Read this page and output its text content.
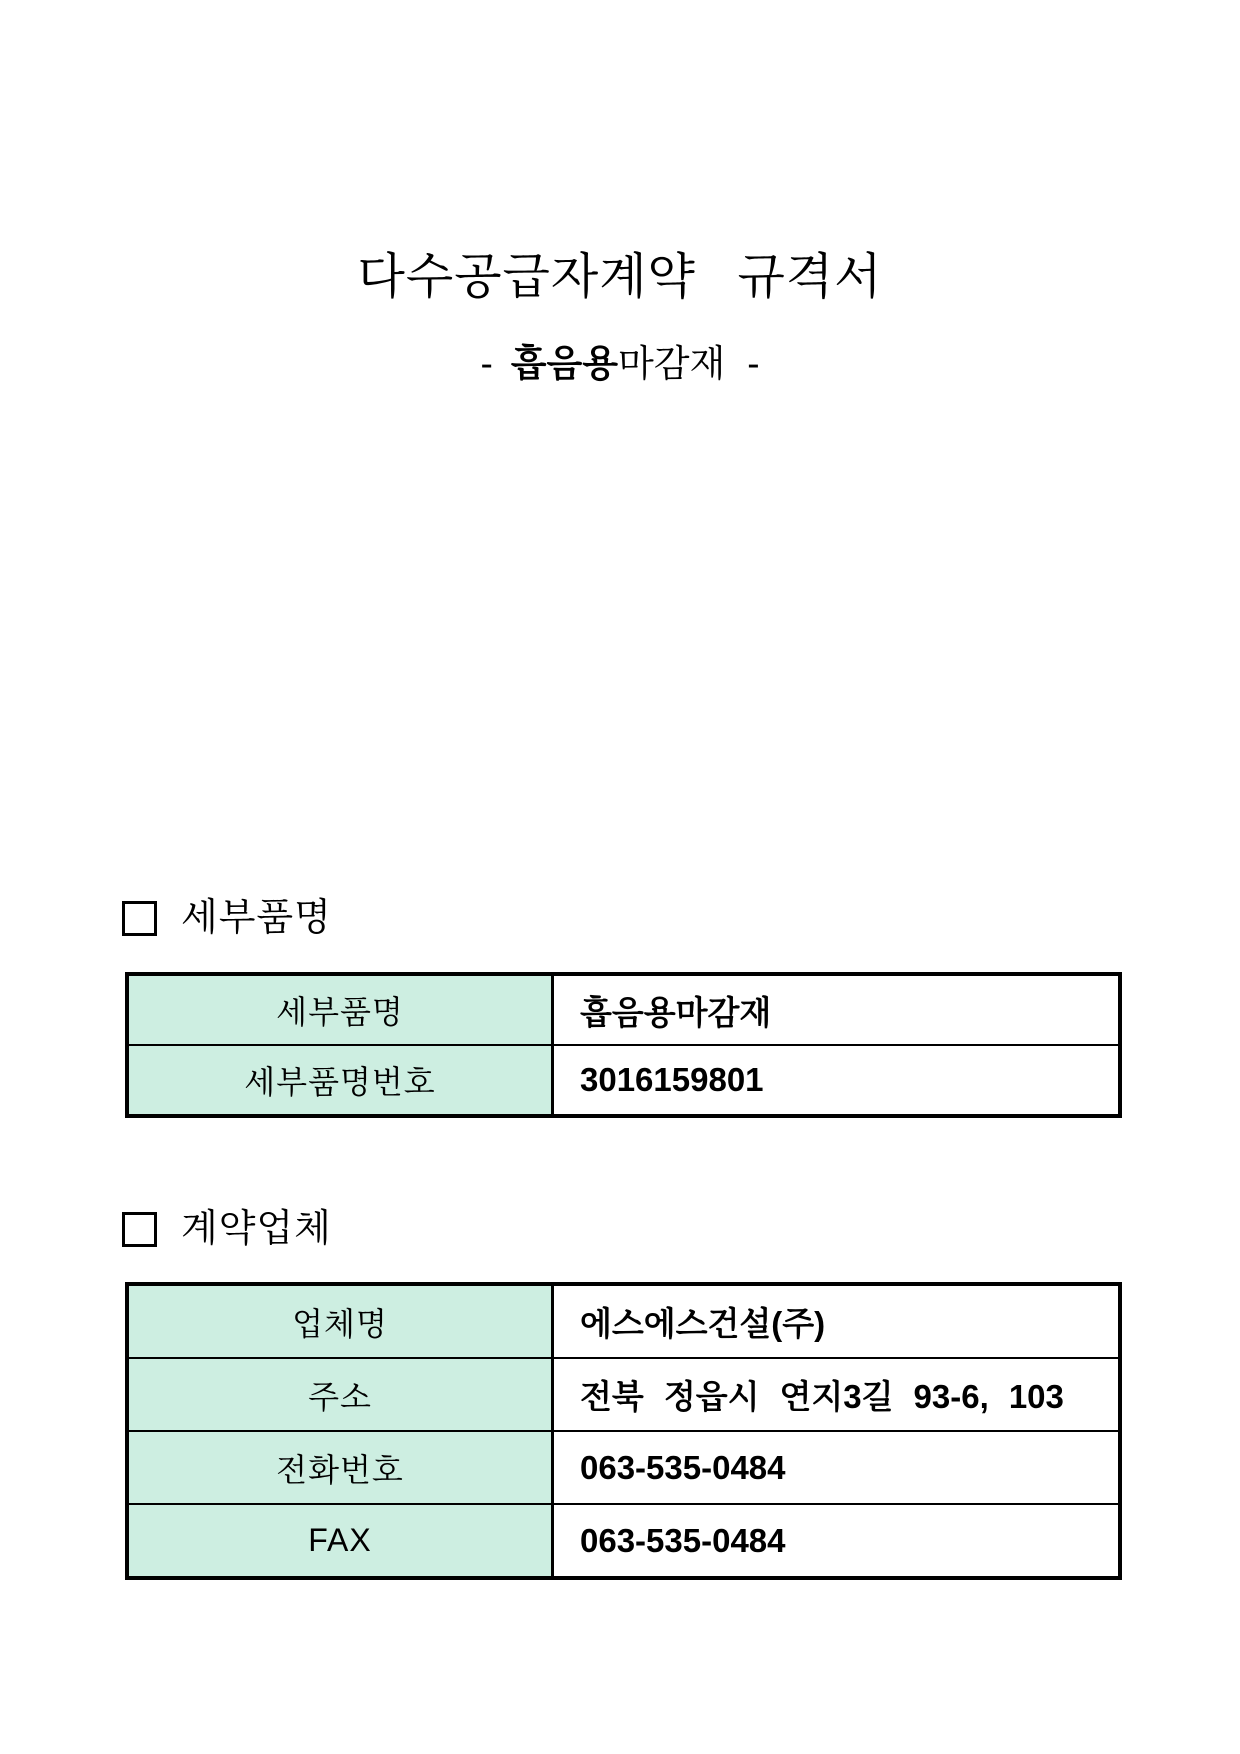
다수공급자계약 규격서
- 흡음용마감재 -
세부품명
세부품명	흡음용마감재
세부품명번호	3016159801
계약업체
업체명	에스에스건설(주)
주소	전북 정읍시 연지3길 93-6, 103
전화번호	063-535-0484
FAX	063-535-0484
